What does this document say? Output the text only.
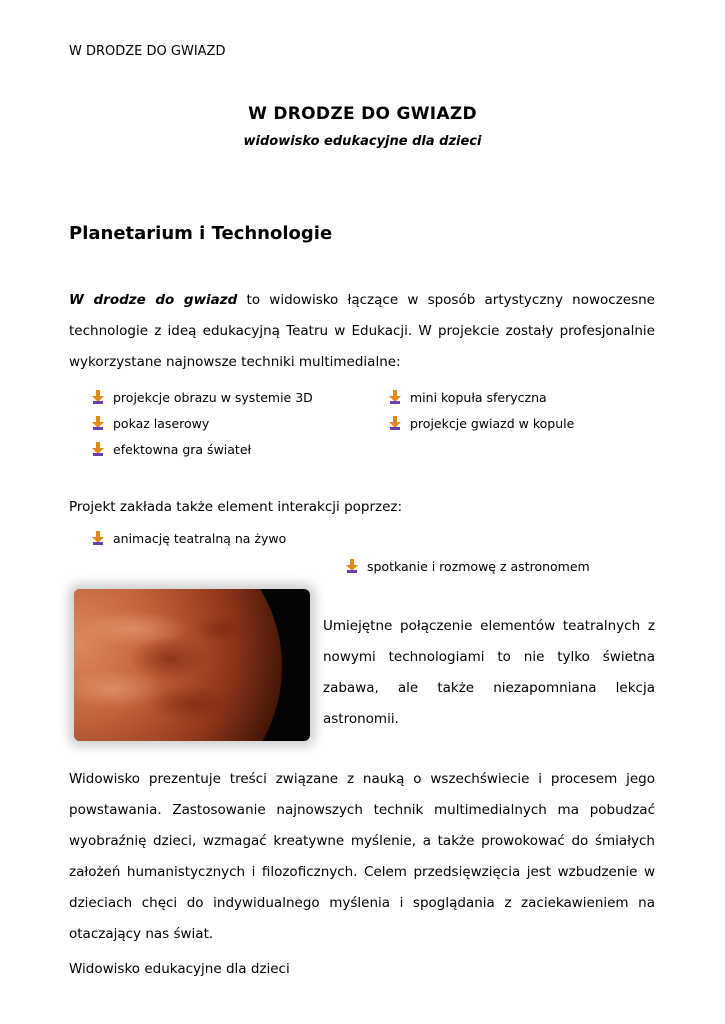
W DRODZE DO GWIAZD
W DRODZE DO GWIAZD
widowisko edukacyjne dla dzieci
Planetarium i Technologie
W drodze do gwiazd to widowisko łączące w sposób artystyczny nowoczesne technologie z ideą edukacyjną Teatru w Edukacji. W projekcie zostały profesjonalnie wykorzystane najnowsze techniki multimedialne:
projekcje obrazu w systemie 3D	mini kopuła sferyczna
pokaz laserowy	projekcje gwiazd w kopule
efektowna gra świateł
Projekt zakłada także element interakcji poprzez:
animację teatralną na żywo
spotkanie i rozmowę z astronomem
Umiejętne połączenie elementów teatralnych z nowymi technologiami to nie tylko świetna zabawa, ale także niezapomniana lekcja astronomii.
Widowisko prezentuje treści związane z nauką o wszechświecie i procesem jego powstawania. Zastosowanie najnowszych technik multimedialnych ma pobudzać wyobraźnię dzieci, wzmagać kreatywne myślenie, a także prowokować do śmiałych założeń humanistycznych i filozoficznych. Celem przedsięwzięcia jest wzbudzenie w dzieciach chęci do indywidualnego myślenia i spoglądania z zaciekawieniem na otaczający nas świat.
Widowisko edukacyjne dla dzieci
